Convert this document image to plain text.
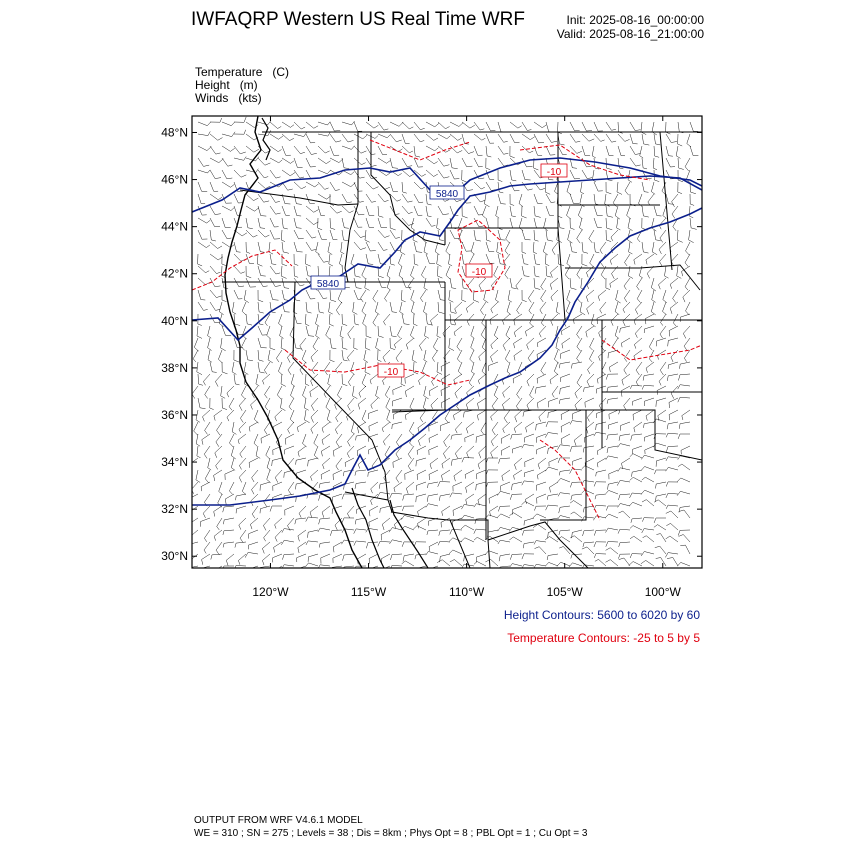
IWFAQRP Western US Real Time WRF	Init: 2025-08-16_00:00:00
Valid: 2025-08-16_21:00:00
Temperature   (C)
Height   (m)
Winds   (kts)
5840
5840
-10
-10
-10
48°N
46°N
44°N
42°N
40°N
38°N
36°N
34°N
32°N
30°N
120°W	115°W	110°W	105°W	100°W
Height Contours: 5600 to 6020 by 60
Temperature Contours: -25 to 5 by 5
OUTPUT FROM WRF V4.6.1 MODEL
WE = 310 ; SN = 275 ; Levels = 38 ; Dis = 8km ; Phys Opt = 8 ; PBL Opt = 1 ; Cu Opt = 3
